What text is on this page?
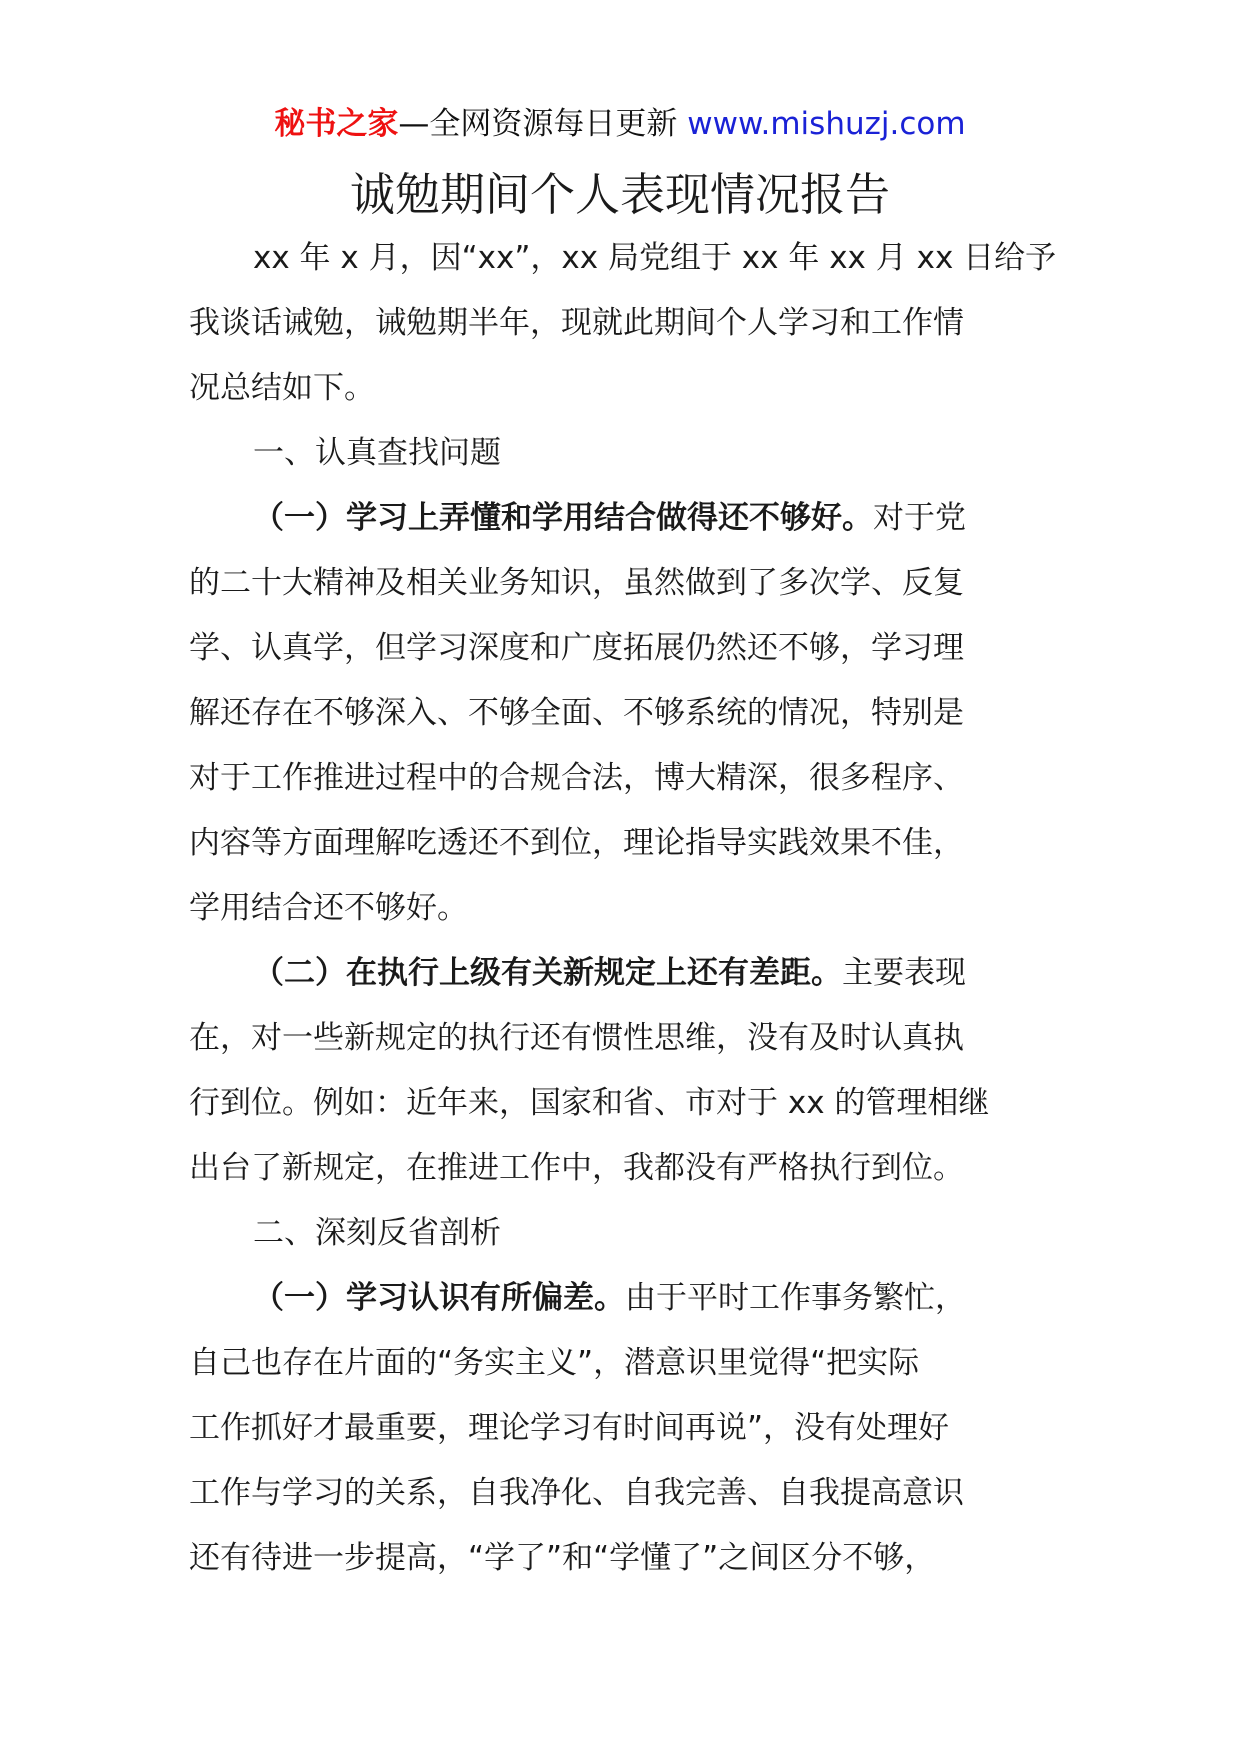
秘书之家—全网资源每日更新 www.mishuzj.com
诚勉期间个人表现情况报告
xx 年 x 月，因“xx”，xx 局党组于 xx 年 xx 月 xx 日给予
我谈话诫勉，诫勉期半年，现就此期间个人学习和工作情
况总结如下。
一、认真查找问题
（一）学习上弄懂和学用结合做得还不够好。对于党
的二十大精神及相关业务知识，虽然做到了多次学、反复
学、认真学，但学习深度和广度拓展仍然还不够，学习理
解还存在不够深入、不够全面、不够系统的情况，特别是
对于工作推进过程中的合规合法，博大精深，很多程序、
内容等方面理解吃透还不到位，理论指导实践效果不佳，
学用结合还不够好。
（二）在执行上级有关新规定上还有差距。主要表现
在，对一些新规定的执行还有惯性思维，没有及时认真执
行到位。例如：近年来，国家和省、市对于 xx 的管理相继
出台了新规定，在推进工作中，我都没有严格执行到位。
二、深刻反省剖析
（一）学习认识有所偏差。由于平时工作事务繁忙，
自己也存在片面的“务实主义”，潜意识里觉得“把实际
工作抓好才最重要，理论学习有时间再说”，没有处理好
工作与学习的关系，自我净化、自我完善、自我提高意识
还有待进一步提高，“学了”和“学懂了”之间区分不够，
